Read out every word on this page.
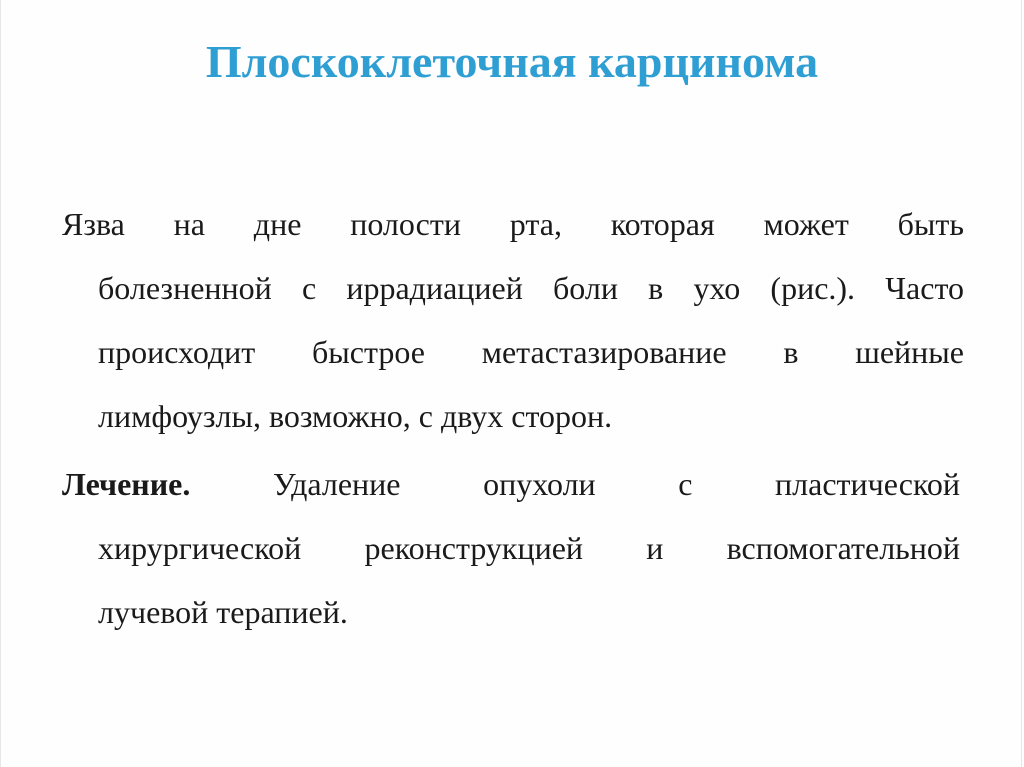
Плоскоклеточная карцинома
Язва на дне полости рта, которая может быть
болезненной с иррадиацией боли в ухо (рис.). Часто
происходит быстрое метастазирование в шейные
лимфоузлы, возможно, с двух сторон.
Лечение. Удаление опухоли с пластической
хирургической реконструкцией и вспомогательной
лучевой терапией.
